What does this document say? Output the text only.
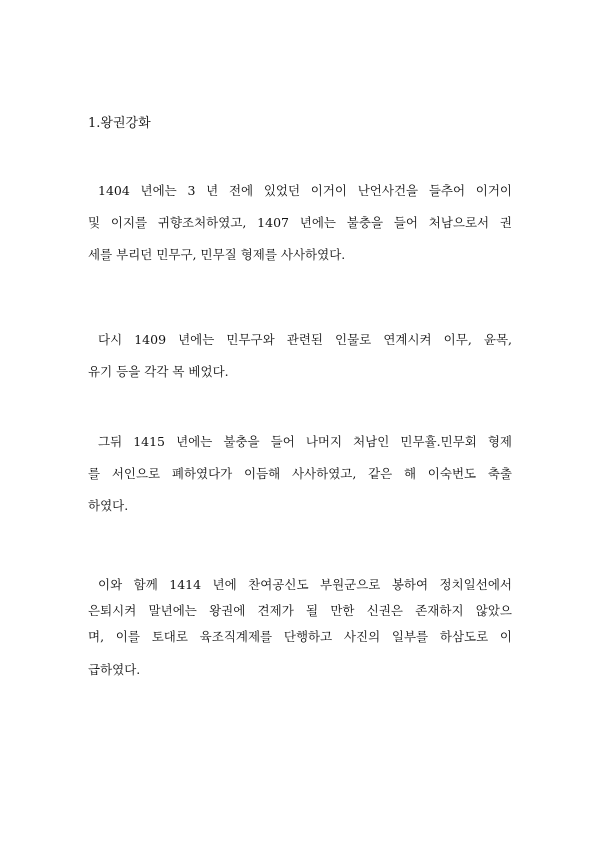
1.왕권강화
1404 년에는 3 년 전에 있었던 이거이 난언사건을 들추어 이거이
및 이지를 귀향조처하였고, 1407 년에는 불충을 들어 처남으로서 권
세를 부리던 민무구, 민무질 형제를 사사하였다.
다시 1409 년에는 민무구와 관련된 인물로 연계시켜 이무, 윤목,
유기 등을 각각 목 베었다.
그뒤 1415 년에는 불충을 들어 나머지 처남인 민무휼.민무회 형제
를 서인으로 폐하였다가 이듬해 사사하였고, 같은 해 이숙번도 축출
하였다.
이와 함께 1414 년에 찬여공신도 부원군으로 봉하여 정치일선에서
은퇴시켜 말년에는 왕권에 견제가 될 만한 신권은 존재하지 않았으
며, 이를 토대로 육조직계제를 단행하고 사진의 일부를 하삼도로 이
급하였다.
